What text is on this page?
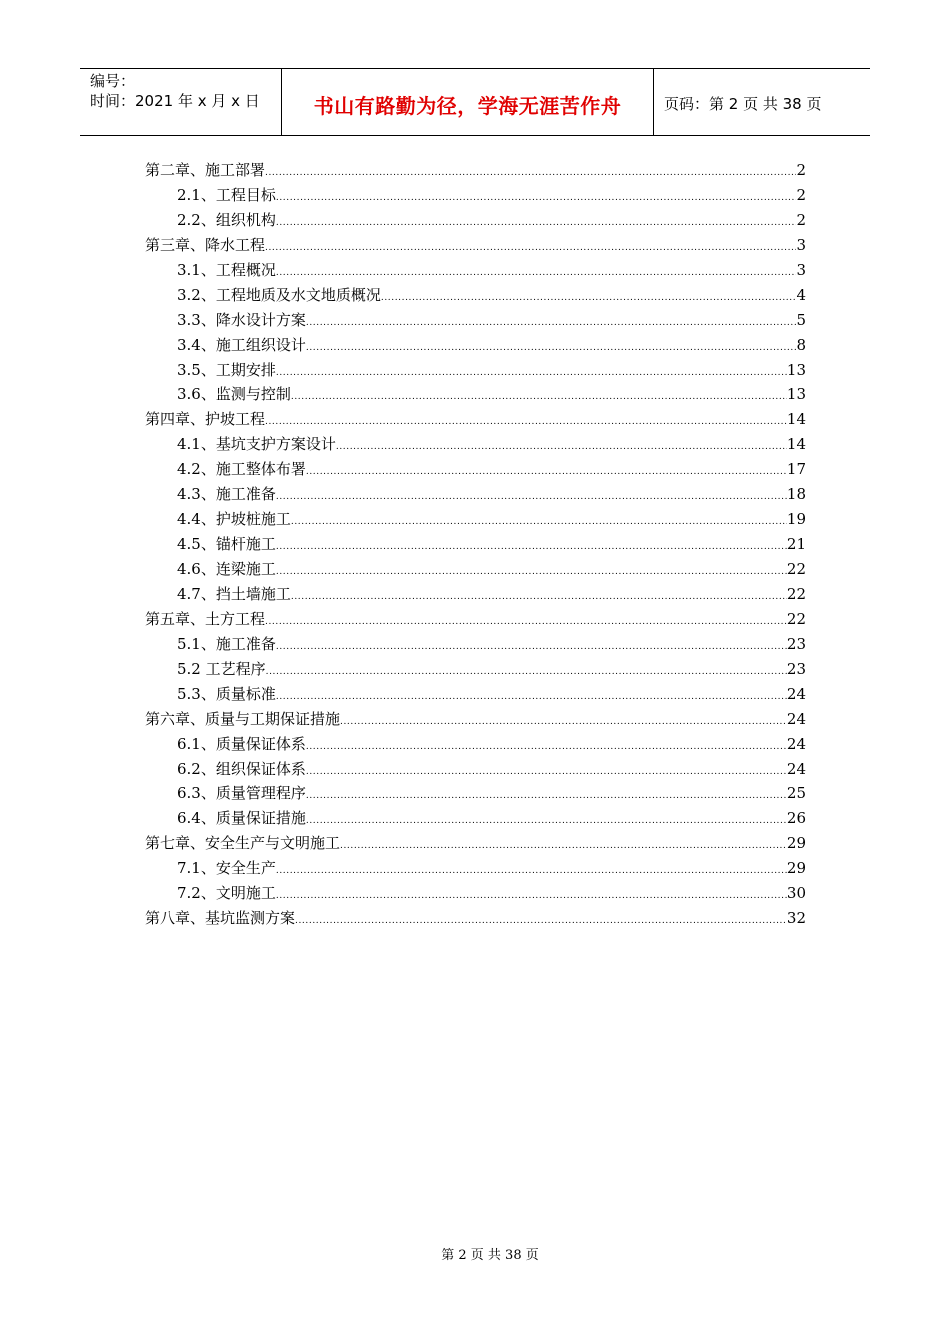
编号：
时间：2021 年 x 月 x 日	书山有路勤为径，学海无涯苦作舟	页码：第 2 页 共 38 页
第二章、施工部署 .....	2
2.1、工程目标 .....	2
2.2、组织机构 .....	2
第三章、降水工程 .....	3
3.1、工程概况 .....	3
3.2、工程地质及水文地质概况 .....	4
3.3、降水设计方案 .....	5
3.4、施工组织设计 .....	8
3.5、工期安排 .....	13
3.6、监测与控制 .....	13
第四章、护坡工程 .....	14
4.1、基坑支护方案设计 .....	14
4.2、施工整体布署 .....	17
4.3、施工准备 .....	18
4.4、护坡桩施工 .....	19
4.5、锚杆施工 .....	21
4.6、连梁施工 .....	22
4.7、挡土墙施工 .....	22
第五章、土方工程 .....	22
5.1、施工准备 .....	23
5.2 工艺程序 .....	23
5.3、质量标准 .....	24
第六章、质量与工期保证措施 .....	24
6.1、质量保证体系 .....	24
6.2、组织保证体系 .....	24
6.3、质量管理程序 .....	25
6.4、质量保证措施 .....	26
第七章、安全生产与文明施工 .....	29
7.1、安全生产 .....	29
7.2、文明施工 .....	30
第八章、基坑监测方案 .....	32
第 2 页 共 38 页
